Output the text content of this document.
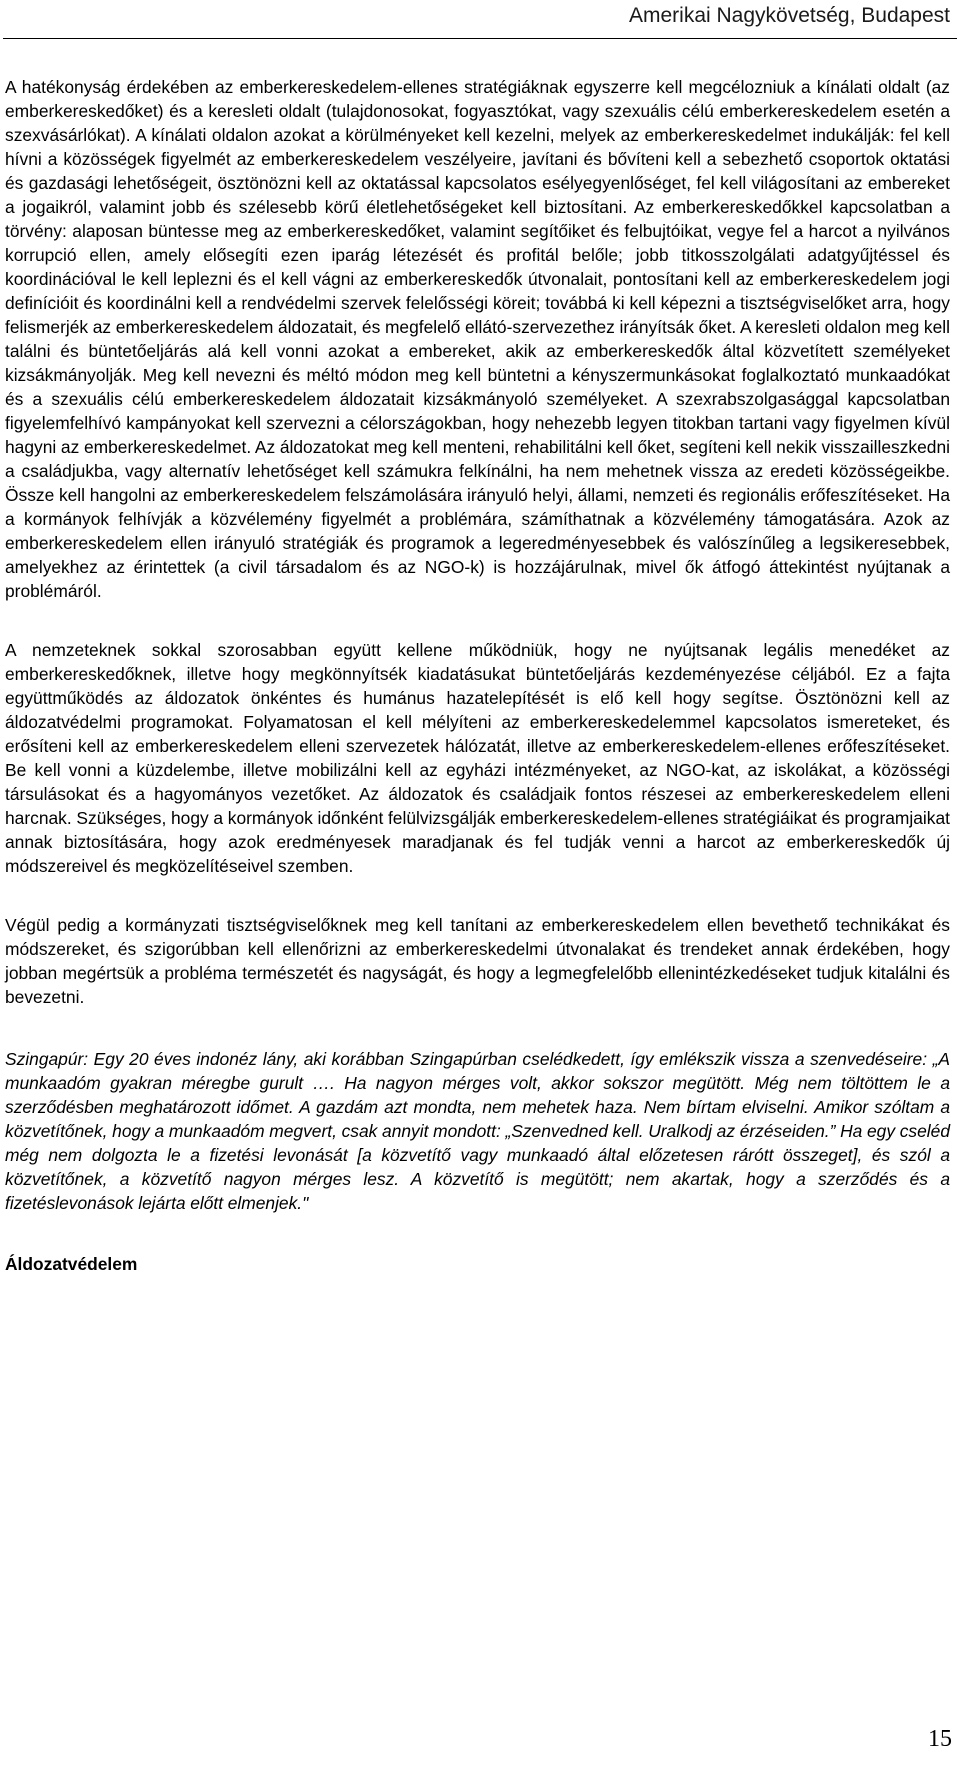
Amerikai Nagykövetség, Budapest

A hatékonyság érdekében az emberkereskedelem-ellenes stratégiáknak egyszerre kell megcélozniuk a kínálati oldalt (az emberkereskedőket) és a keresleti oldalt (tulajdonosokat, fogyasztókat, vagy szexuális célú emberkereskedelem esetén a szexvásárlókat). A kínálati oldalon azokat a körülményeket kell kezelni, melyek az emberkereskedelmet indukálják: fel kell hívni a közösségek figyelmét az emberkereskedelem veszélyeire, javítani és bővíteni kell a sebezhető csoportok oktatási és gazdasági lehetőségeit, ösztönözni kell az oktatással kapcsolatos esélyegyenlőséget, fel kell világosítani az embereket a jogaikról, valamint jobb és szélesebb körű életlehetőségeket kell biztosítani. Az emberkereskedőkkel kapcsolatban a törvény: alaposan büntesse meg az emberkereskedőket, valamint segítőiket és felbujtóikat, vegye fel a harcot a nyilvános korrupció ellen, amely elősegíti ezen iparág létezését és profitál belőle; jobb titkosszolgálati adatgyűjtéssel és koordinációval le kell leplezni és el kell vágni az emberkereskedők útvonalait, pontosítani kell az emberkereskedelem jogi definícióit és koordinálni kell a rendvédelmi szervek felelősségi köreit; továbbá ki kell képezni a tisztségviselőket arra, hogy felismerjék az emberkereskedelem áldozatait, és megfelelő ellátó-szervezethez irányítsák őket. A keresleti oldalon meg kell találni és büntetőeljárás alá kell vonni azokat a embereket, akik az emberkereskedők által közvetített személyeket kizsákmányolják. Meg kell nevezni és méltó módon meg kell büntetni a kényszermunkásokat foglalkoztató munkaadókat és a szexuális célú emberkereskedelem áldozatait kizsákmányoló személyeket. A szexrabszolgasággal kapcsolatban figyelemfelhívó kampányokat kell szervezni a célországokban, hogy nehezebb legyen titokban tartani vagy figyelmen kívül hagyni az emberkereskedelmet. Az áldozatokat meg kell menteni, rehabilitálni kell őket, segíteni kell nekik visszailleszkedni a családjukba, vagy alternatív lehetőséget kell számukra felkínálni, ha nem mehetnek vissza az eredeti közösségeikbe. Össze kell hangolni az emberkereskedelem felszámolására irányuló helyi, állami, nemzeti és regionális erőfeszítéseket. Ha a kormányok felhívják a közvélemény figyelmét a problémára, számíthatnak a közvélemény támogatására. Azok az emberkereskedelem ellen irányuló stratégiák és programok a legeredményesebbek és valószínűleg a legsikeresebbek, amelyekhez az érintettek (a civil társadalom és az NGO-k) is hozzájárulnak, mivel ők átfogó áttekintést nyújtanak a problémáról.

A nemzeteknek sokkal szorosabban együtt kellene működniük, hogy ne nyújtsanak legális menedéket az emberkereskedőknek, illetve hogy megkönnyítsék kiadatásukat büntetőeljárás kezdeményezése céljából. Ez a fajta együttműködés az áldozatok önkéntes és humánus hazatelepítését is elő kell hogy segítse. Ösztönözni kell az áldozatvédelmi programokat. Folyamatosan el kell mélyíteni az emberkereskedelemmel kapcsolatos ismereteket, és erősíteni kell az emberkereskedelem elleni szervezetek hálózatát, illetve az emberkereskedelem-ellenes erőfeszítéseket. Be kell vonni a küzdelembe, illetve mobilizálni kell az egyházi intézményeket, az NGO-kat, az iskolákat, a közösségi társulásokat és a hagyományos vezetőket. Az áldozatok és családjaik fontos részesei az emberkereskedelem elleni harcnak. Szükséges, hogy a kormányok időnként felülvizsgálják emberkereskedelem-ellenes stratégiáikat és programjaikat annak biztosítására, hogy azok eredményesek maradjanak és fel tudják venni a harcot az emberkereskedők új módszereivel és megközelítéseivel szemben.

Végül pedig a kormányzati tisztségviselőknek meg kell tanítani az emberkereskedelem ellen bevethető technikákat és módszereket, és szigorúbban kell ellenőrizni az emberkereskedelmi útvonalakat és trendeket annak érdekében, hogy jobban megértsük a probléma természetét és nagyságát, és hogy a legmegfelelőbb ellenintézkedéseket tudjuk kitalálni és bevezetni.

Szingapúr: Egy 20 éves indonéz lány, aki korábban Szingapúrban cselédkedett, így emlékszik vissza a szenvedéseire: „A munkaadóm gyakran méregbe gurult …. Ha nagyon mérges volt, akkor sokszor megütött. Még nem töltöttem le a szerződésben meghatározott időmet. A gazdám azt mondta, nem mehetek haza. Nem bírtam elviselni. Amikor szóltam a közvetítőnek, hogy a munkaadóm megvert, csak annyit mondott: „Szenvedned kell. Uralkodj az érzéseiden.” Ha egy cseléd még nem dolgozta le a fizetési levonását [a közvetítő vagy munkaadó által előzetesen rárótt összeget], és szól a közvetítőnek, a közvetítő nagyon mérges lesz. A közvetítő is megütött; nem akartak, hogy a szerződés és a fizetéslevonások lejárta előtt elmenjek."

Áldozatvédelem
15
